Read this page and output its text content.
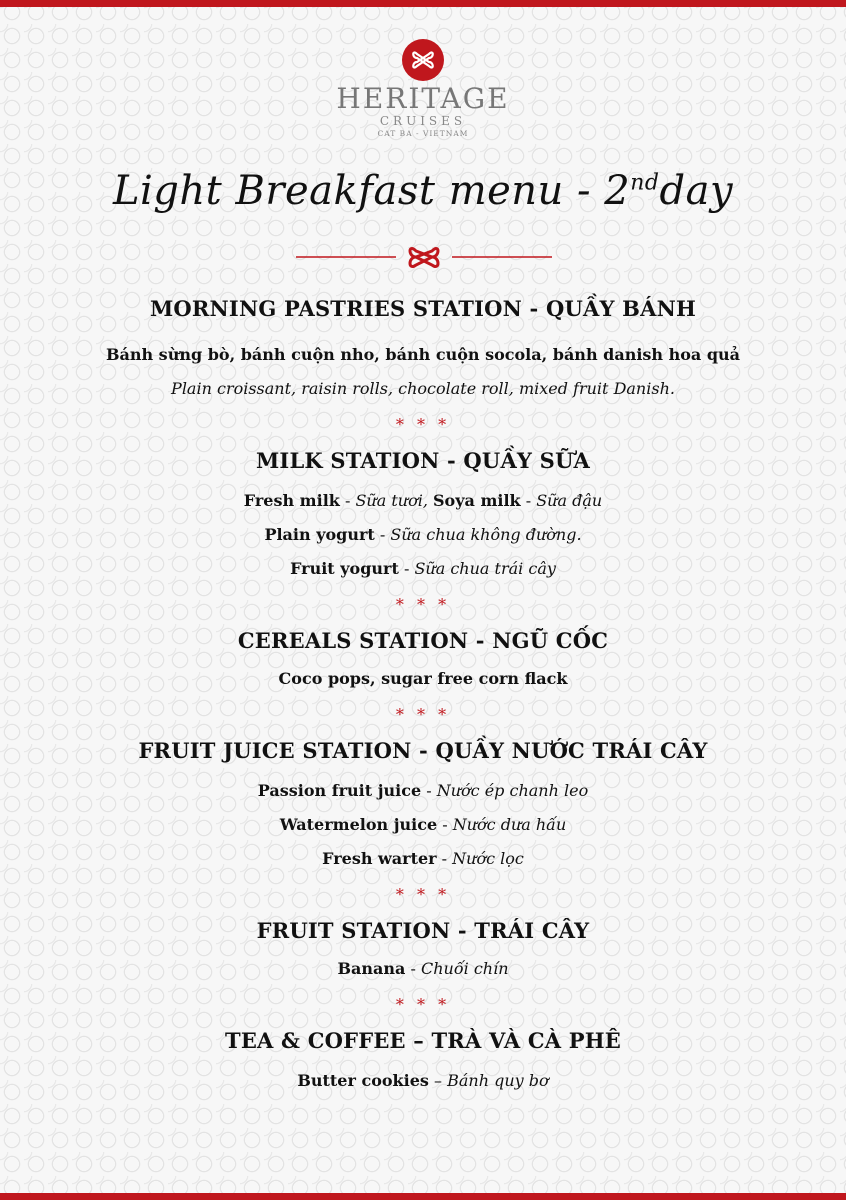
HERITAGE
CRUISES
CAT BA - VIETNAM
Light Breakfast menu - 2ndday
MORNING PASTRIES STATION - QUẦY BÁNH
Bánh sừng bò, bánh cuộn nho, bánh cuộn socola, bánh danish hoa quả
Plain croissant, raisin rolls, chocolate roll, mixed fruit Danish.
* * *
MILK STATION - QUẦY SỮA
Fresh milk - Sữa tươi, Soya milk - Sữa đậu
Plain yogurt - Sữa chua không đường.
Fruit yogurt - Sữa chua trái cây
* * *
CEREALS STATION - NGŨ CỐC
Coco pops, sugar free corn flack
* * *
FRUIT JUICE STATION - QUẦY NƯỚC TRÁI CÂY
Passion fruit juice - Nước ép chanh leo
Watermelon juice - Nước dưa hấu
Fresh warter - Nước lọc
* * *
FRUIT STATION - TRÁI CÂY
Banana - Chuối chín
* * *
TEA & COFFEE – TRÀ VÀ CÀ PHÊ
Butter cookies – Bánh quy bơ
